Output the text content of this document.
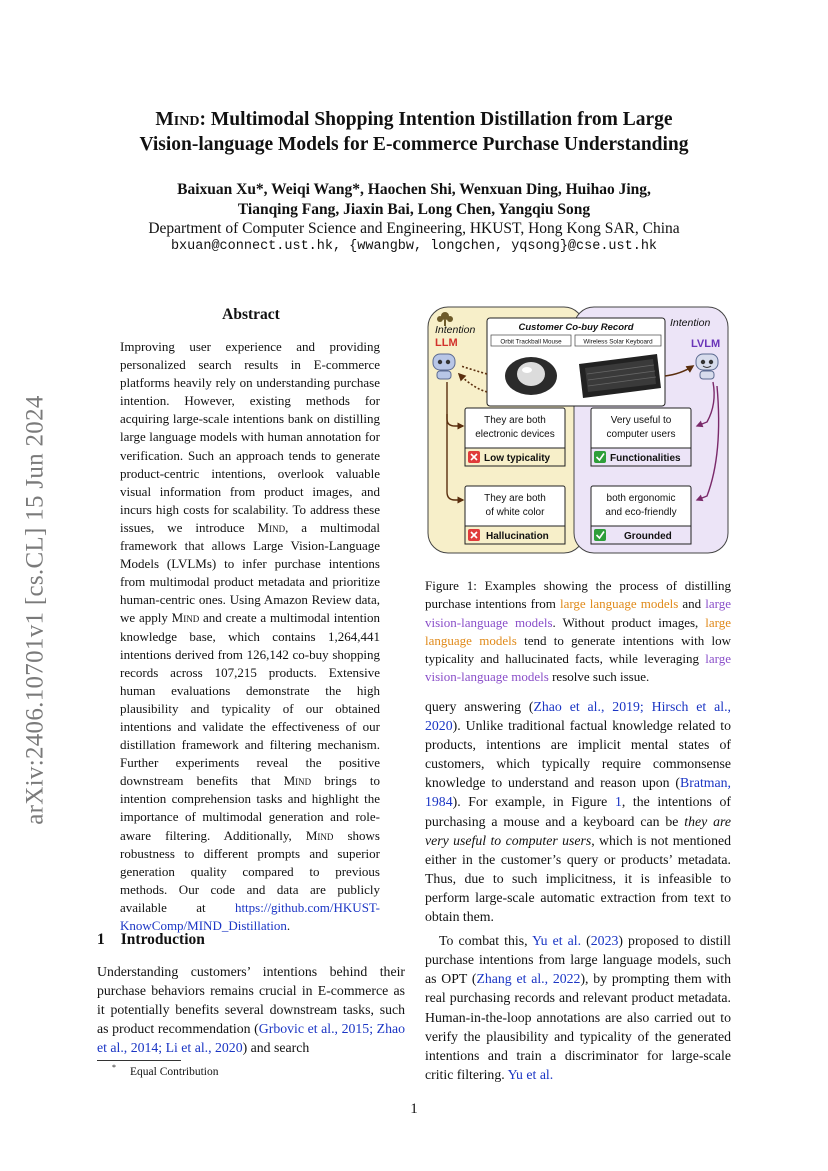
arXiv:2406.10701v1 [cs.CL] 15 Jun 2024
Mind: Multimodal Shopping Intention Distillation from Large
Vision-language Models for E-commerce Purchase Understanding
Baixuan Xu*, Weiqi Wang*, Haochen Shi, Wenxuan Ding, Huihao Jing,
Tianqing Fang, Jiaxin Bai, Long Chen, Yangqiu Song
Department of Computer Science and Engineering, HKUST, Hong Kong SAR, China
bxuan@connect.ust.hk, {wwangbw, longchen, yqsong}@cse.ust.hk
Abstract

Improving user experience and providing personalized search results in E-commerce platforms heavily rely on understanding purchase intention. However, existing methods for acquiring large-scale intentions bank on distilling large language models with human annotation for verification. Such an approach tends to generate product-centric intentions, overlook valuable visual information from product images, and incurs high costs for scalability. To address these issues, we introduce Mind, a multimodal framework that allows Large Vision-Language Models (LVLMs) to infer purchase intentions from multimodal product metadata and prioritize human-centric ones. Using Amazon Review data, we apply Mind and create a multimodal intention knowledge base, which contains 1,264,441 intentions derived from 126,142 co-buy shopping records across 107,215 products. Extensive human evaluations demonstrate the high plausibility and typicality of our obtained intentions and validate the effectiveness of our distillation framework and filtering mechanism. Further experiments reveal the positive downstream benefits that Mind brings to intention comprehension tasks and highlight the importance of multimodal generation and role-aware filtering. Additionally, Mind shows robustness to different prompts and superior generation quality compared to previous methods. Our code and data are publicly available at https://github.com/HKUST-KnowComp/MIND_Distillation.

1 Introduction

Understanding customers’ intentions behind their purchase behaviors remains crucial in E-commerce as it potentially benefits several downstream tasks, such as product recommendation (Grbovic et al., 2015; Zhao et al., 2014; Li et al., 2020) and search

* Equal Contribution
Intention
LLM
Intention
LVLM
Customer Co-buy Record
Orbit Trackball Mouse	Wireless Solar Keyboard
They are both
electronic devices
Low typicality
They are both
of white color
Hallucination
Very useful to
computer users
Functionalities
both ergonomic
and eco-friendly
Grounded

Figure 1: Examples showing the process of distilling purchase intentions from large language models and large vision-language models. Without product images, large language models tend to generate intentions with low typicality and hallucinated facts, while leveraging large vision-language models resolve such issue.

query answering (Zhao et al., 2019; Hirsch et al., 2020). Unlike traditional factual knowledge related to products, intentions are implicit mental states of customers, which typically require commonsense knowledge to understand and reason upon (Bratman, 1984). For example, in Figure 1, the intentions of purchasing a mouse and a keyboard can be they are very useful to computer users, which is not mentioned either in the customer’s query or products’ metadata. Thus, due to such implicitness, it is infeasible to perform large-scale automatic extraction from text to obtain them.
To combat this, Yu et al. (2023) proposed to distill purchase intentions from large language models, such as OPT (Zhang et al., 2022), by prompting them with real purchasing records and relevant product metadata. Human-in-the-loop annotations are also carried out to verify the plausibility and typicality of the generated intentions and train a discriminator for large-scale critic filtering. Yu et al.
1
